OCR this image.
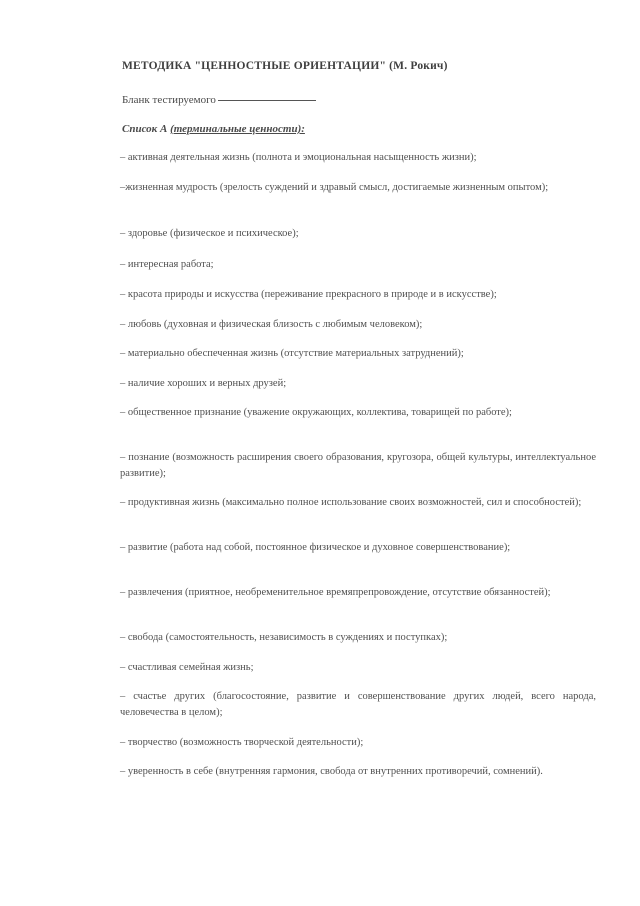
МЕТОДИКА "ЦЕННОСТНЫЕ ОРИЕНТАЦИИ" (М. Рокич)
Бланк тестируемого
Список А (терминальные ценности):
– активная деятельная жизнь (полнота и эмоциональная насыщенность жизни);
–жизненная мудрость (зрелость суждений и здравый смысл, достигаемые жизненным опытом);
– здоровье (физическое и психическое);
– интересная работа;
– красота природы и искусства (переживание прекрасного в природе и в искусстве);
– любовь (духовная и физическая близость с любимым человеком);
– материально обеспеченная жизнь (отсутствие материальных затруднений);
– наличие хороших и верных друзей;
– общественное признание (уважение окружающих, коллектива, товарищей по работе);
– познание (возможность расширения своего образования, кругозора, общей культуры, интеллектуальное развитие);
– продуктивная жизнь (максимально полное использование своих возможностей, сил и способностей);
– развитие (работа над собой, постоянное физическое и духовное совершенствование);
– развлечения (приятное, необременительное времяпрепровождение, отсутствие обязанностей);
– свобода (самостоятельность, независимость в суждениях и поступках);
– счастливая семейная жизнь;
– счастье других (благосостояние, развитие и совершенствование других людей, всего народа, человечества в целом);
– творчество (возможность творческой деятельности);
– уверенность в себе (внутренняя гармония, свобода от внутренних противоречий, сомнений).
